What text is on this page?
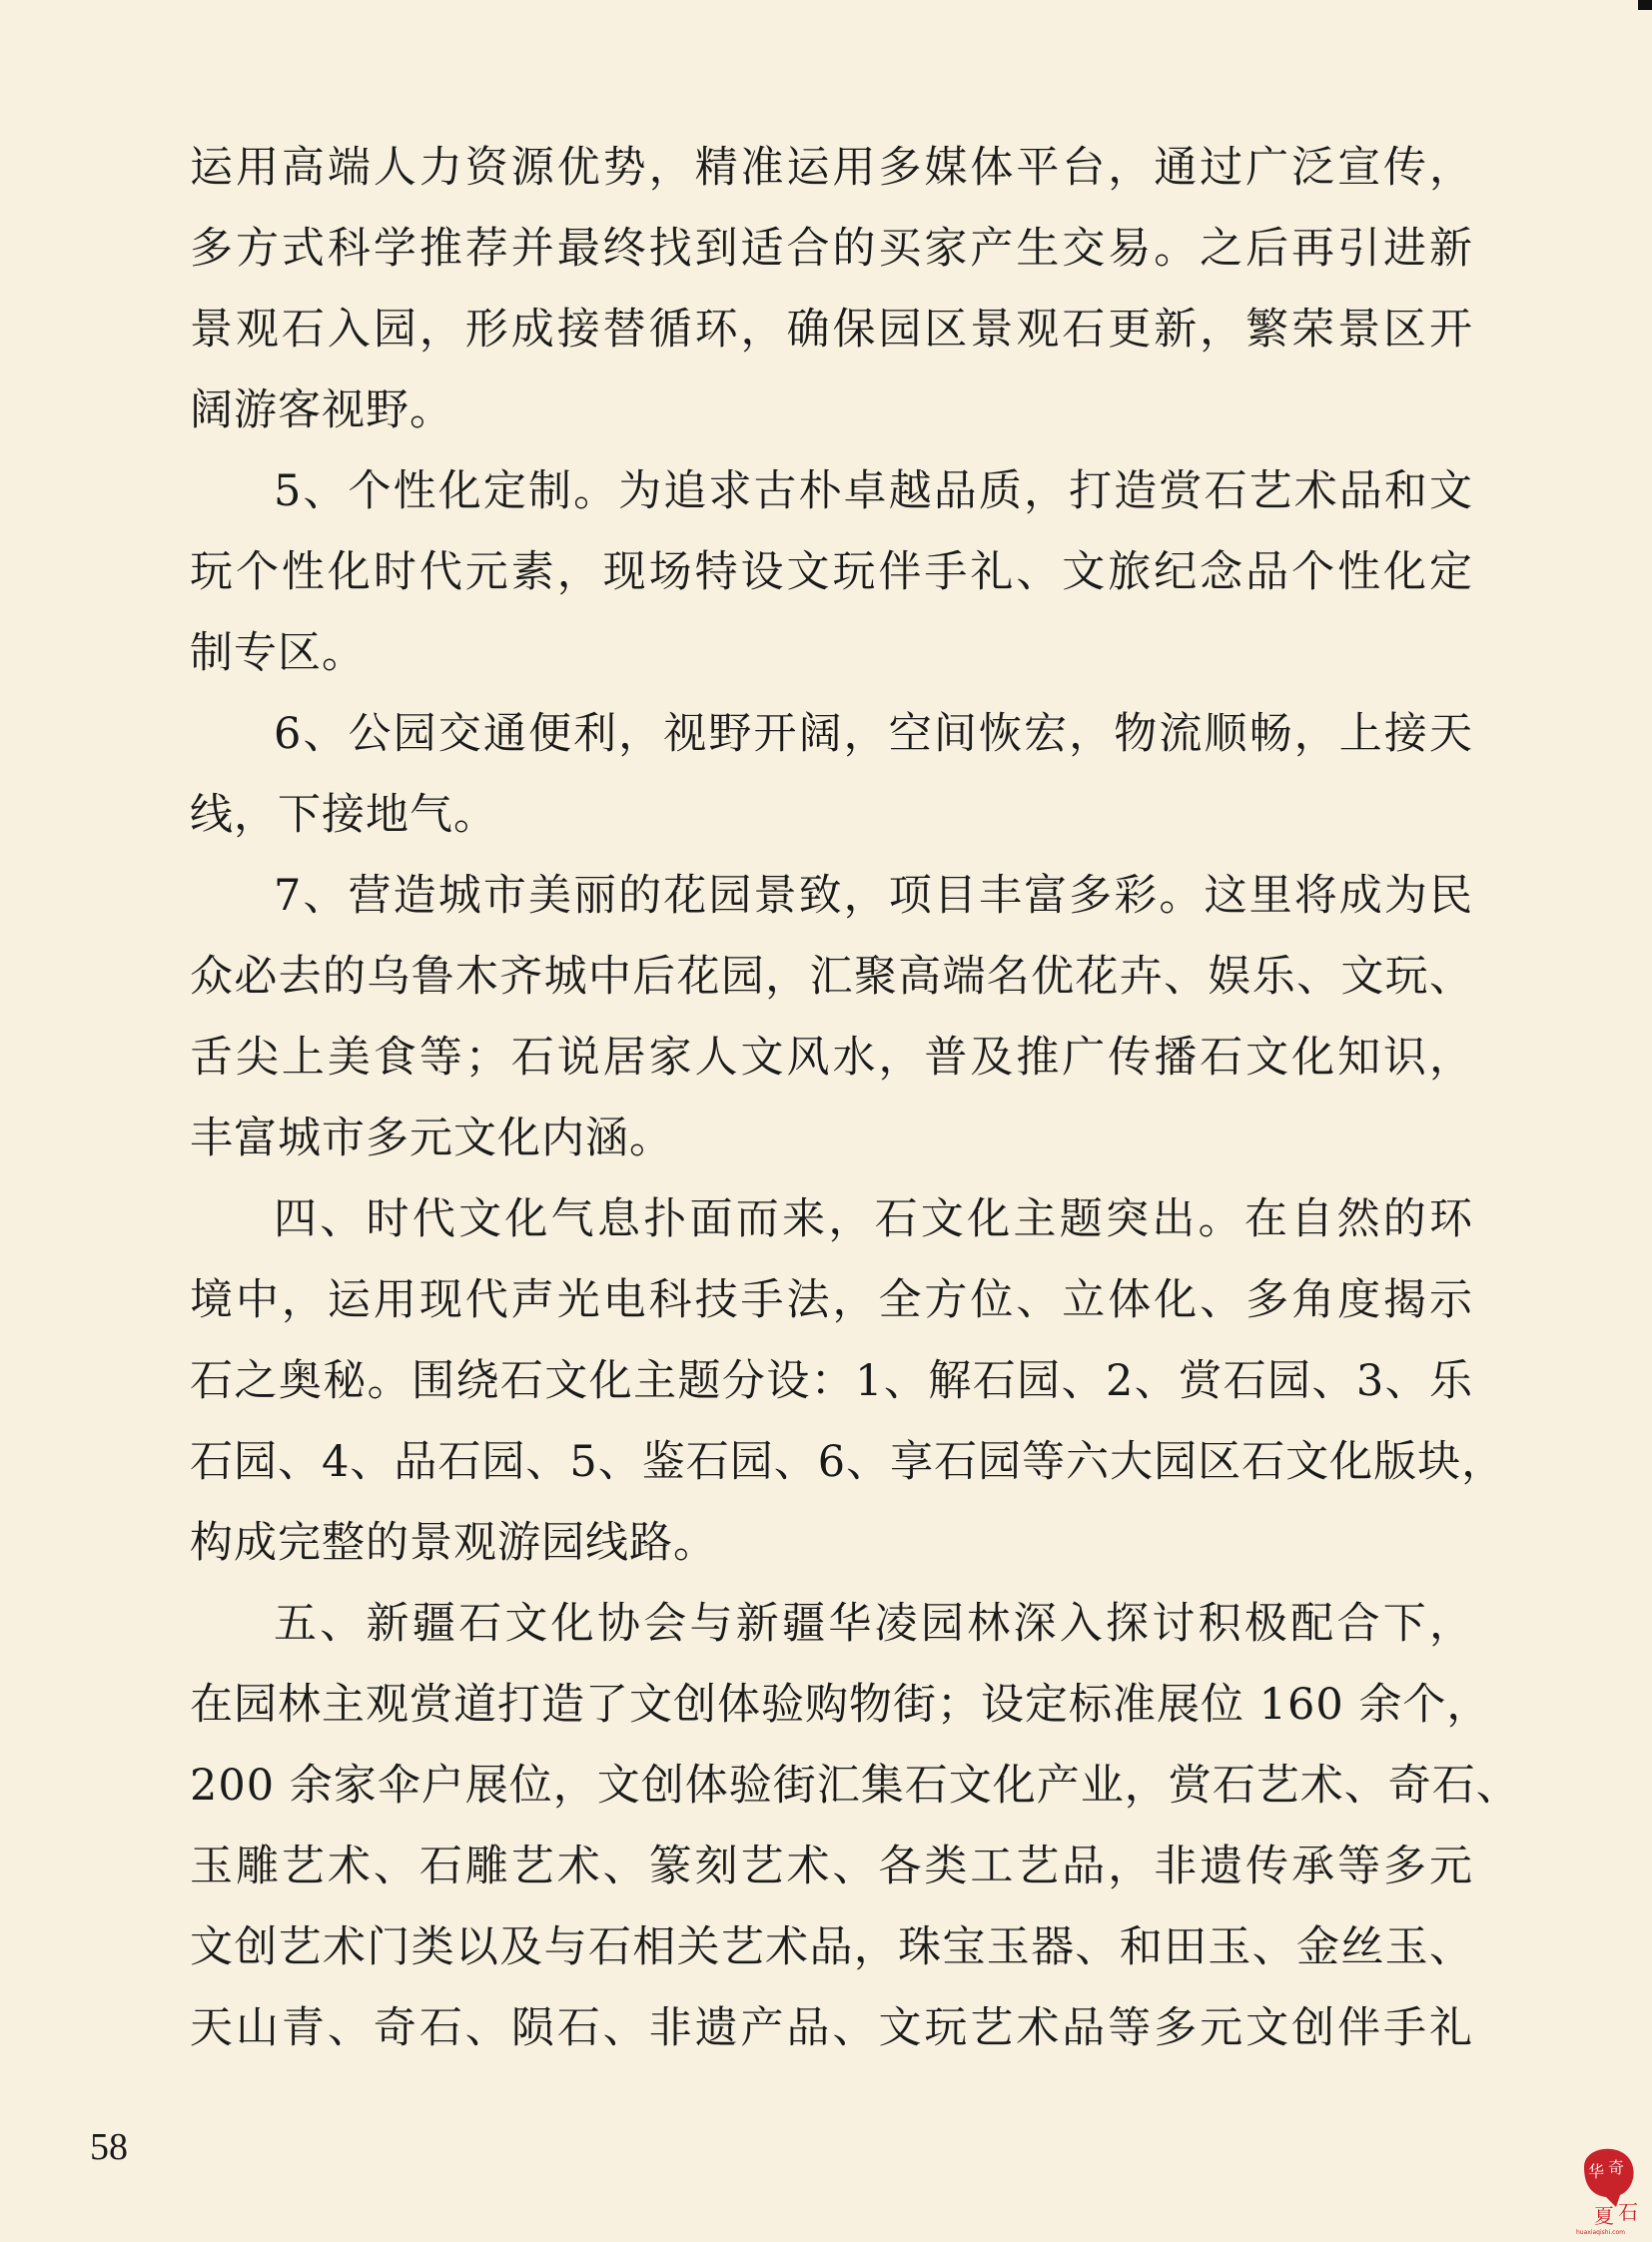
运用高端人力资源优势，精准运用多媒体平台，通过广泛宣传，
多方式科学推荐并最终找到适合的买家产生交易。之后再引进新
景观石入园，形成接替循环，确保园区景观石更新，繁荣景区开
阔游客视野。
5、个性化定制。为追求古朴卓越品质，打造赏石艺术品和文
玩个性化时代元素，现场特设文玩伴手礼、文旅纪念品个性化定
制专区。
6、公园交通便利，视野开阔，空间恢宏，物流顺畅，上接天
线，下接地气。
7、营造城市美丽的花园景致，项目丰富多彩。这里将成为民
众必去的乌鲁木齐城中后花园，汇聚高端名优花卉、娱乐、文玩、
舌尖上美食等；石说居家人文风水，普及推广传播石文化知识，
丰富城市多元文化内涵。
四、时代文化气息扑面而来，石文化主题突出。在自然的环
境中，运用现代声光电科技手法，全方位、立体化、多角度揭示
石之奥秘。围绕石文化主题分设：1、解石园、2、赏石园、3、乐
石园、4、品石园、5、鉴石园、6、享石园等六大园区石文化版块，
构成完整的景观游园线路。
五、新疆石文化协会与新疆华凌园林深入探讨积极配合下，
在园林主观赏道打造了文创体验购物街；设定标准展位 160 余个，
200 余家伞户展位，文创体验街汇集石文化产业，赏石艺术、奇石、
玉雕艺术、石雕艺术、篆刻艺术、各类工艺品，非遗传承等多元
文创艺术门类以及与石相关艺术品，珠宝玉器、和田玉、金丝玉、
天山青、奇石、陨石、非遗产品、文玩艺术品等多元文创伴手礼
58
华 奇
夏 石
huaxiaqishi.com
